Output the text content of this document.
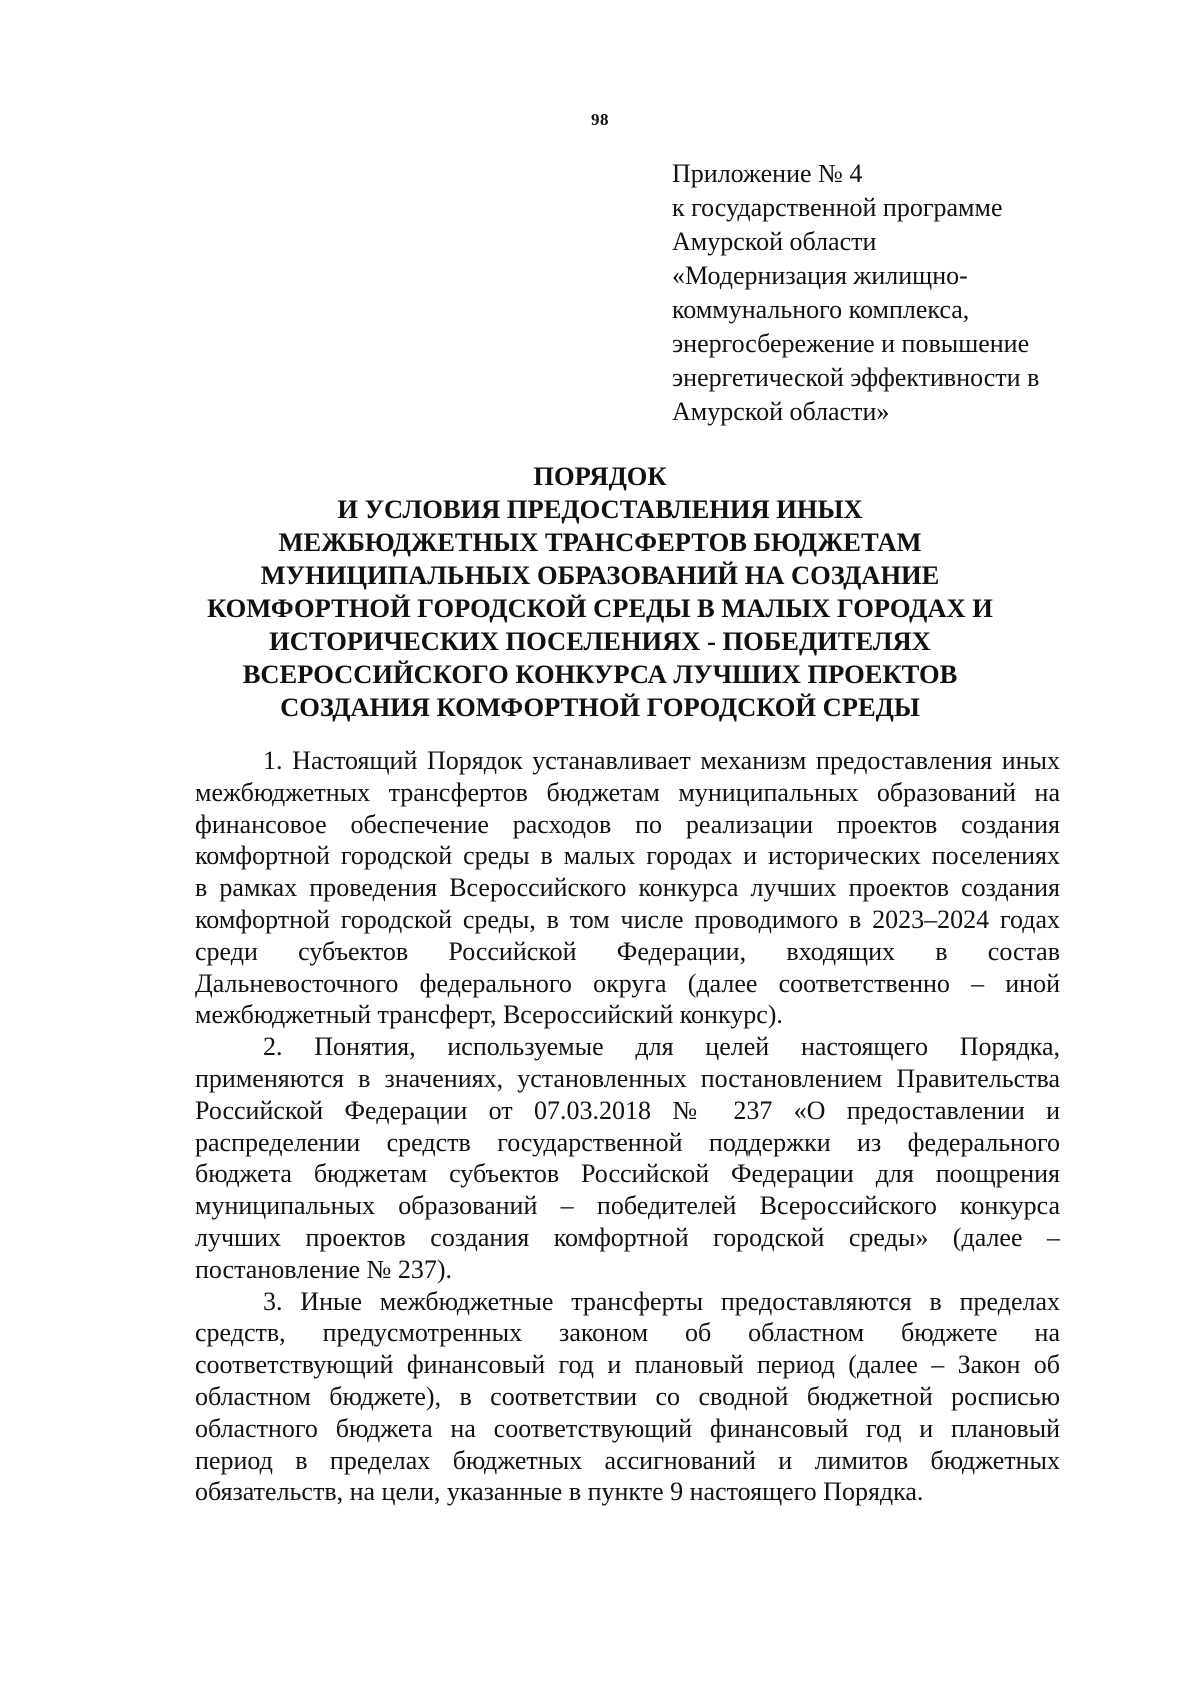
98
Приложение № 4
к государственной программе
Амурской области
«Модернизация жилищно-
коммунального комплекса,
энергосбережение и повышение
энергетической эффективности в
Амурской области»
ПОРЯДОК
И УСЛОВИЯ ПРЕДОСТАВЛЕНИЯ ИНЫХ
МЕЖБЮДЖЕТНЫХ ТРАНСФЕРТОВ БЮДЖЕТАМ
МУНИЦИПАЛЬНЫХ ОБРАЗОВАНИЙ НА СОЗДАНИЕ
КОМФОРТНОЙ ГОРОДСКОЙ СРЕДЫ В МАЛЫХ ГОРОДАХ И
ИСТОРИЧЕСКИХ ПОСЕЛЕНИЯХ - ПОБЕДИТЕЛЯХ
ВСЕРОССИЙСКОГО КОНКУРСА ЛУЧШИХ ПРОЕКТОВ
СОЗДАНИЯ КОМФОРТНОЙ ГОРОДСКОЙ СРЕДЫ
1. Настоящий Порядок устанавливает механизм предоставления иных
межбюджетных трансфертов бюджетам муниципальных образований на
финансовое обеспечение расходов по реализации проектов создания
комфортной городской среды в малых городах и исторических поселениях
в рамках проведения Всероссийского конкурса лучших проектов создания
комфортной городской среды, в том числе проводимого в 2023–2024 годах
среди субъектов Российской Федерации, входящих в состав
Дальневосточного федерального округа (далее соответственно – иной
межбюджетный трансферт, Всероссийский конкурс).
2. Понятия, используемые для целей настоящего Порядка,
применяются в значениях, установленных постановлением Правительства
Российской Федерации от 07.03.2018 № 237 «О предоставлении и
распределении средств государственной поддержки из федерального
бюджета бюджетам субъектов Российской Федерации для поощрения
муниципальных образований – победителей Всероссийского конкурса
лучших проектов создания комфортной городской среды» (далее –
постановление № 237).
3. Иные межбюджетные трансферты предоставляются в пределах
средств, предусмотренных законом об областном бюджете на
соответствующий финансовый год и плановый период (далее – Закон об
областном бюджете), в соответствии со сводной бюджетной росписью
областного бюджета на соответствующий финансовый год и плановый
период в пределах бюджетных ассигнований и лимитов бюджетных
обязательств, на цели, указанные в пункте 9 настоящего Порядка.
